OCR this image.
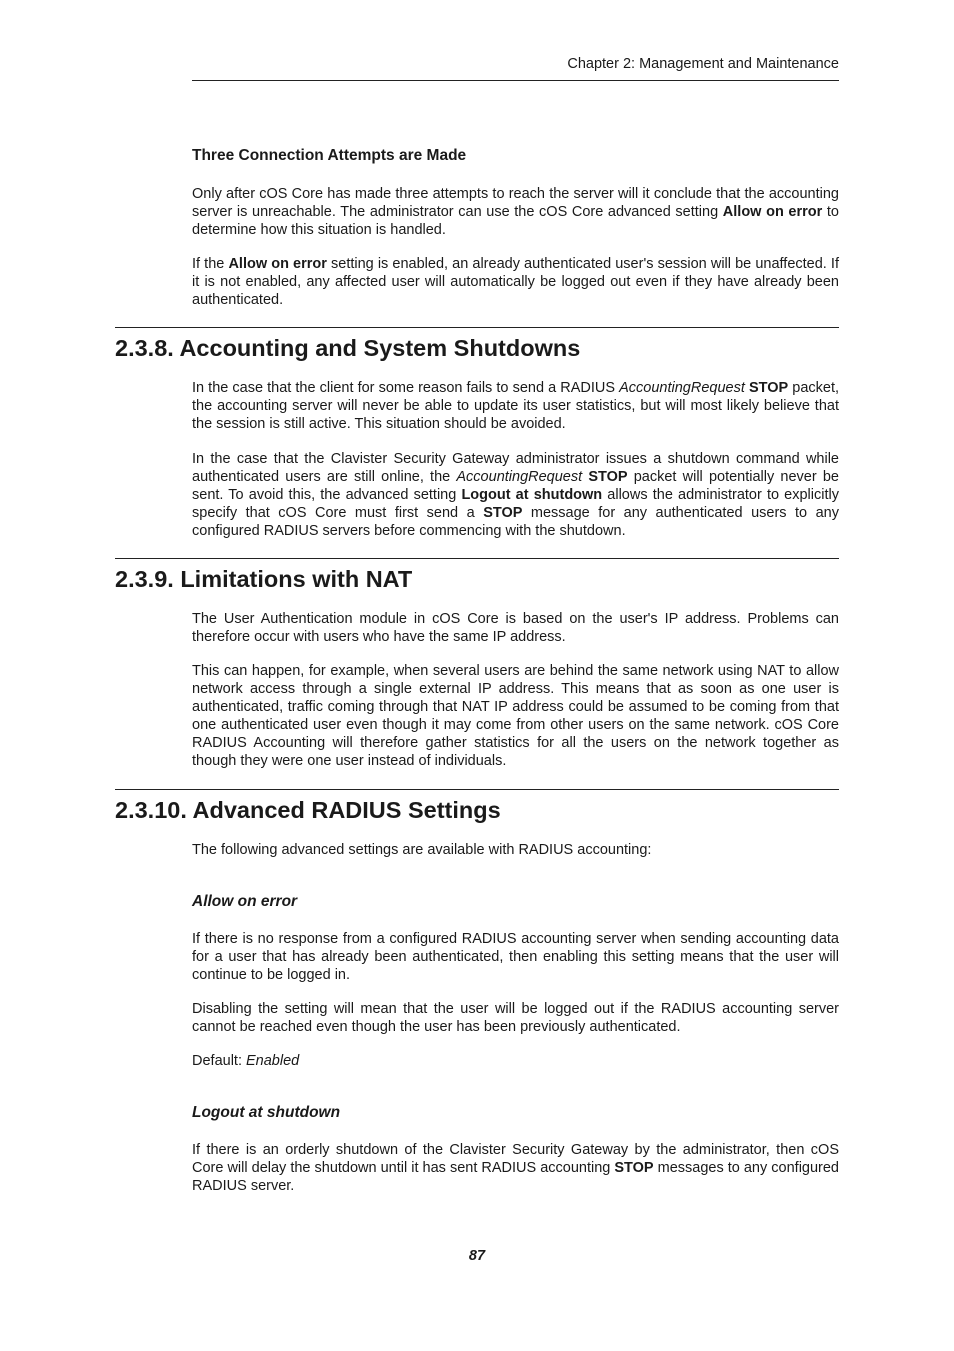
Chapter 2: Management and Maintenance
Three Connection Attempts are Made

Only after cOS Core has made three attempts to reach the server will it conclude that the accounting server is unreachable. The administrator can use the cOS Core advanced setting Allow on error to determine how this situation is handled.

If the Allow on error setting is enabled, an already authenticated user's session will be unaffected. If it is not enabled, any affected user will automatically be logged out even if they have already been authenticated.

2.3.8. Accounting and System Shutdowns

In the case that the client for some reason fails to send a RADIUS AccountingRequest STOP packet, the accounting server will never be able to update its user statistics, but will most likely believe that the session is still active. This situation should be avoided.

In the case that the Clavister Security Gateway administrator issues a shutdown command while authenticated users are still online, the AccountingRequest STOP packet will potentially never be sent. To avoid this, the advanced setting Logout at shutdown allows the administrator to explicitly specify that cOS Core must first send a STOP message for any authenticated users to any configured RADIUS servers before commencing with the shutdown.

2.3.9. Limitations with NAT

The User Authentication module in cOS Core is based on the user's IP address. Problems can therefore occur with users who have the same IP address.

This can happen, for example, when several users are behind the same network using NAT to allow network access through a single external IP address. This means that as soon as one user is authenticated, traffic coming through that NAT IP address could be assumed to be coming from that one authenticated user even though it may come from other users on the same network. cOS Core RADIUS Accounting will therefore gather statistics for all the users on the network together as though they were one user instead of individuals.

2.3.10. Advanced RADIUS Settings

The following advanced settings are available with RADIUS accounting:

Allow on error

If there is no response from a configured RADIUS accounting server when sending accounting data for a user that has already been authenticated, then enabling this setting means that the user will continue to be logged in.

Disabling the setting will mean that the user will be logged out if the RADIUS accounting server cannot be reached even though the user has been previously authenticated.

Default: Enabled

Logout at shutdown

If there is an orderly shutdown of the Clavister Security Gateway by the administrator, then cOS Core will delay the shutdown until it has sent RADIUS accounting STOP messages to any configured RADIUS server.

87
